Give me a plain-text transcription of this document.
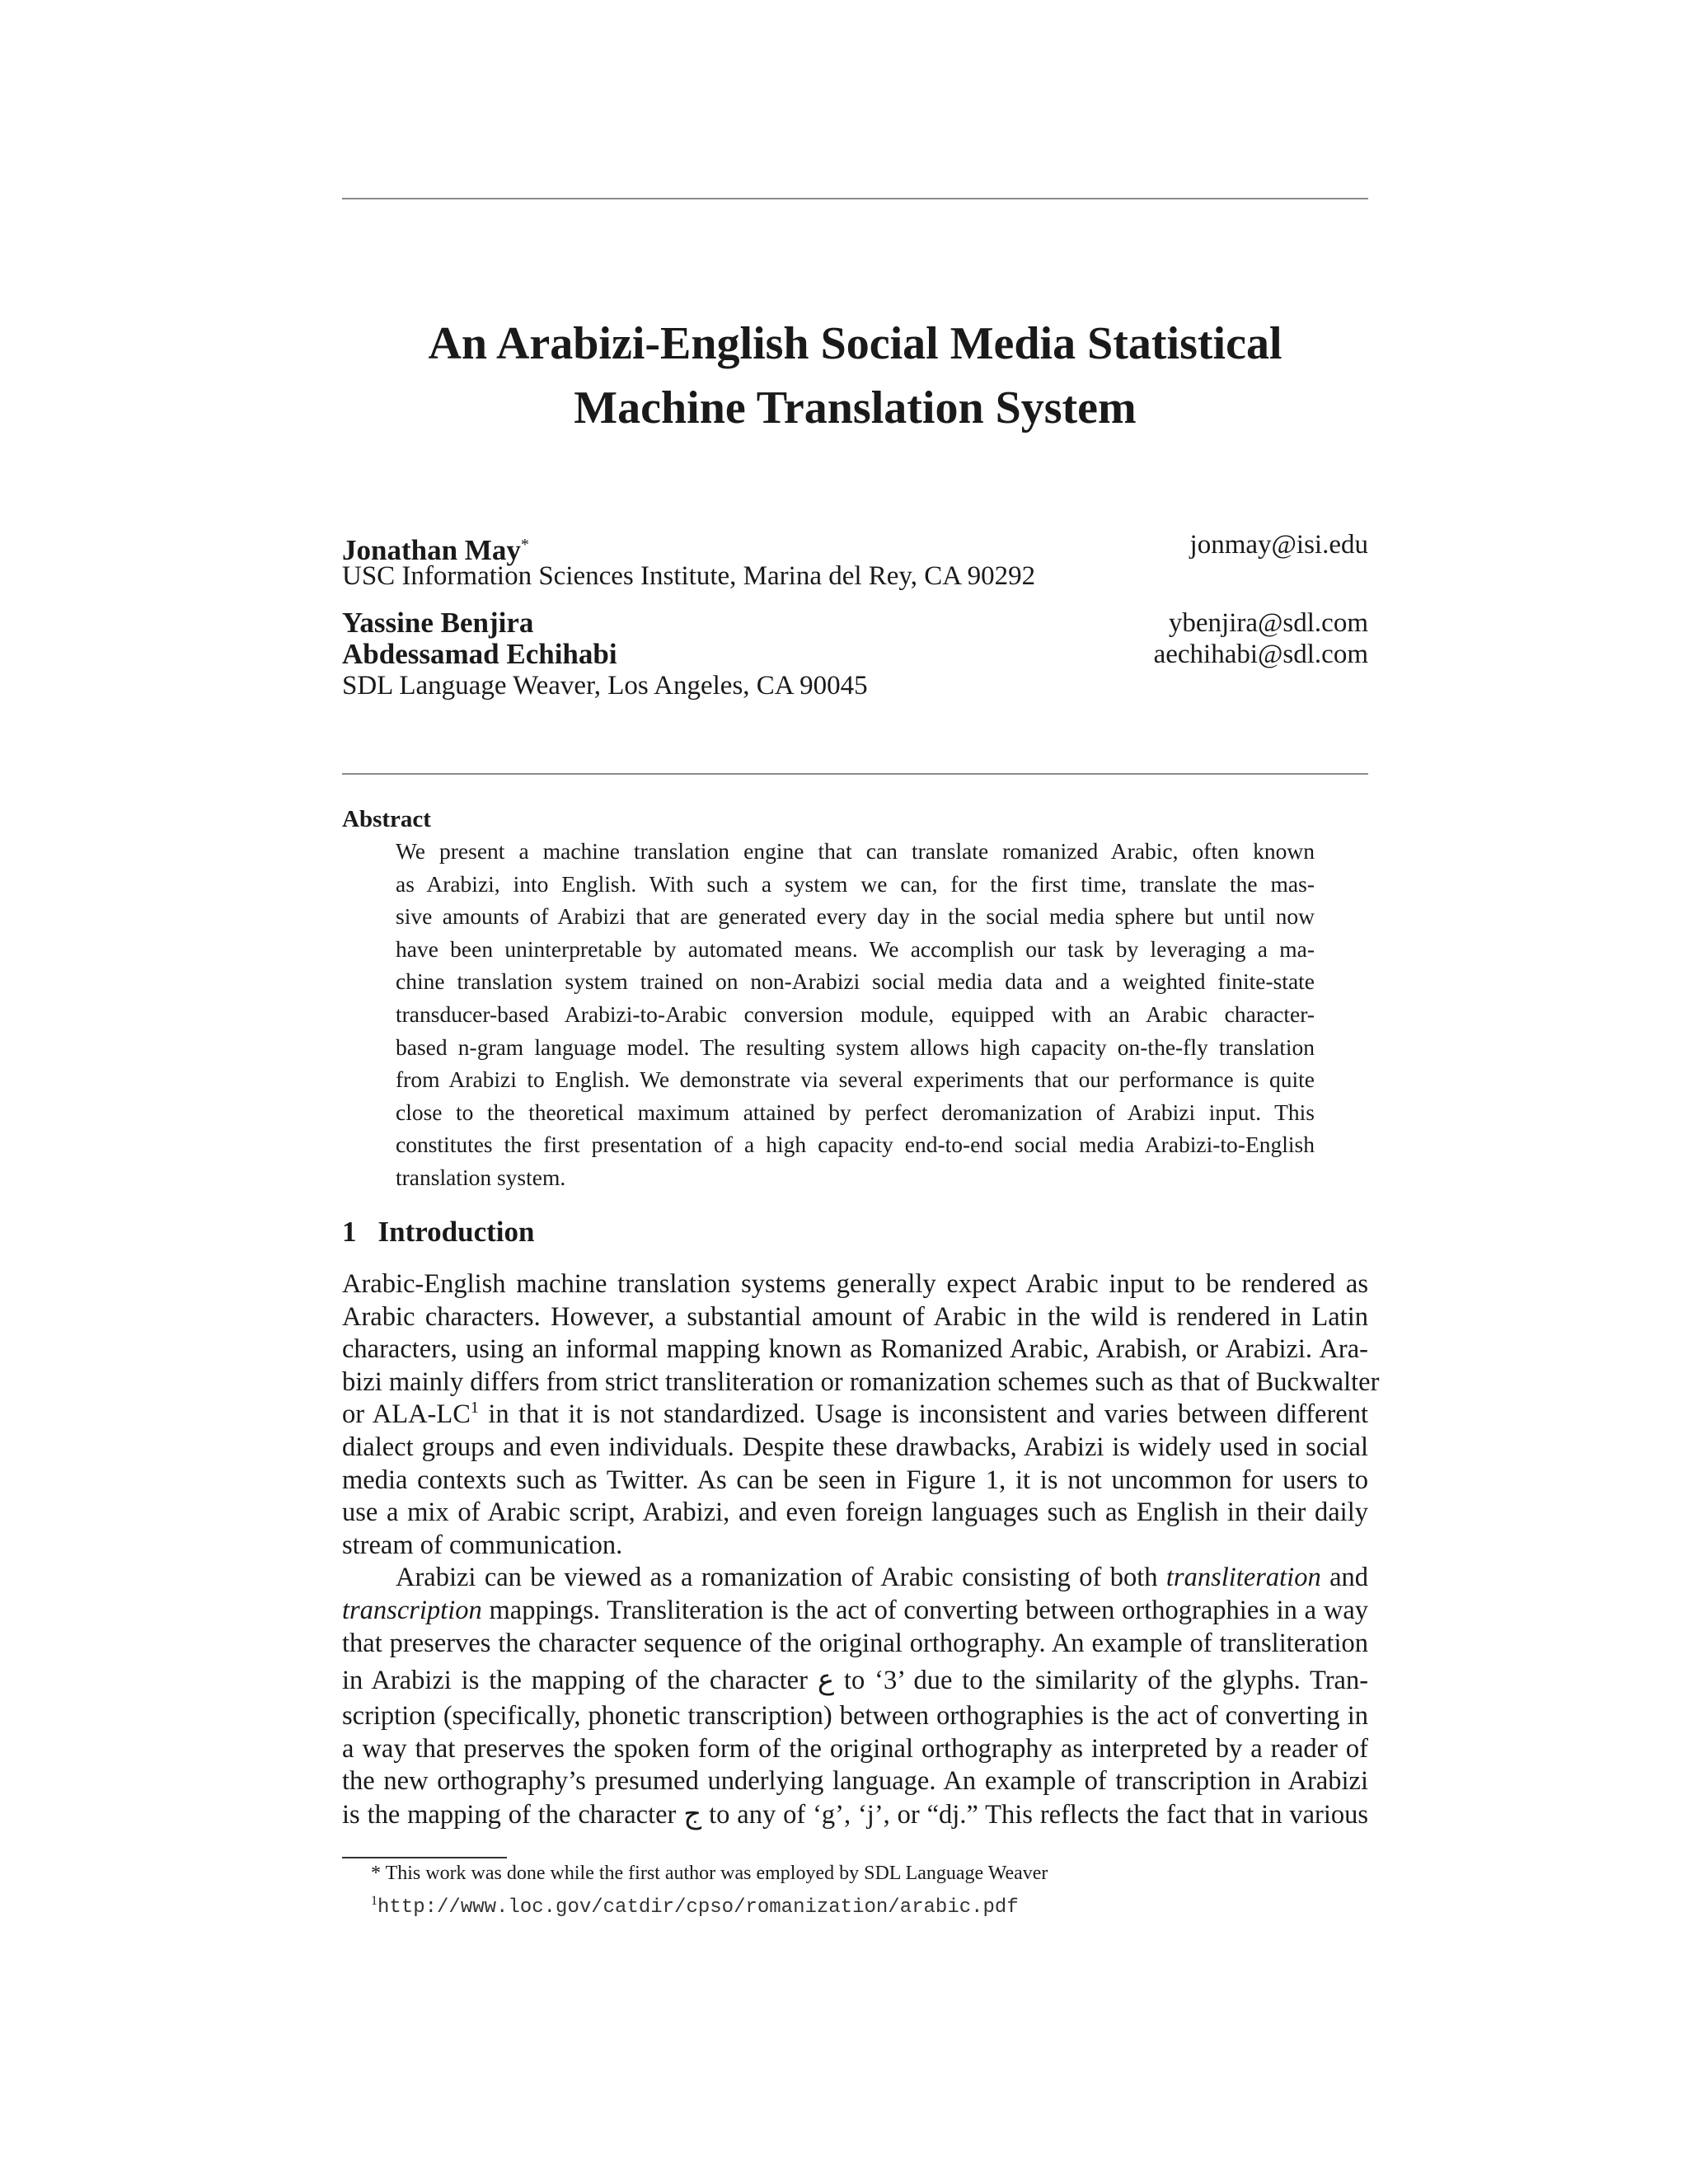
An Arabizi-English Social Media Statistical
Machine Translation System
Jonathan May*	jonmay@isi.edu
USC Information Sciences Institute, Marina del Rey, CA 90292
Yassine Benjira	ybenjira@sdl.com
Abdessamad Echihabi	aechihabi@sdl.com
SDL Language Weaver, Los Angeles, CA 90045
Abstract
We present a machine translation engine that can translate romanized Arabic, often known
as Arabizi, into English. With such a system we can, for the first time, translate the mas-
sive amounts of Arabizi that are generated every day in the social media sphere but until now
have been uninterpretable by automated means. We accomplish our task by leveraging a ma-
chine translation system trained on non-Arabizi social media data and a weighted finite-state
transducer-based Arabizi-to-Arabic conversion module, equipped with an Arabic character-
based n-gram language model. The resulting system allows high capacity on-the-fly translation
from Arabizi to English. We demonstrate via several experiments that our performance is quite
close to the theoretical maximum attained by perfect deromanization of Arabizi input. This
constitutes the first presentation of a high capacity end-to-end social media Arabizi-to-English
translation system.
1 Introduction
Arabic-English machine translation systems generally expect Arabic input to be rendered as
Arabic characters. However, a substantial amount of Arabic in the wild is rendered in Latin
characters, using an informal mapping known as Romanized Arabic, Arabish, or Arabizi. Ara-
bizi mainly differs from strict transliteration or romanization schemes such as that of Buckwalter
or ALA-LC$^1$ in that it is not standardized. Usage is inconsistent and varies between different
dialect groups and even individuals. Despite these drawbacks, Arabizi is widely used in social
media contexts such as Twitter. As can be seen in Figure 1, it is not uncommon for users to
use a mix of Arabic script, Arabizi, and even foreign languages such as English in their daily
stream of communication.
Arabizi can be viewed as a romanization of Arabic consisting of both transliteration and
transcription mappings. Transliteration is the act of converting between orthographies in a way
that preserves the character sequence of the original orthography. An example of transliteration
in Arabizi is the mapping of the character ع to ‘3’ due to the similarity of the glyphs. Tran-
scription (specifically, phonetic transcription) between orthographies is the act of converting in
a way that preserves the spoken form of the original orthography as interpreted by a reader of
the new orthography’s presumed underlying language. An example of transcription in Arabizi
is the mapping of the character ج to any of ‘g’, ‘j’, or “dj.” This reflects the fact that in various
* This work was done while the first author was employed by SDL Language Weaver
$^1$http://www.loc.gov/catdir/cpso/romanization/arabic.pdf
